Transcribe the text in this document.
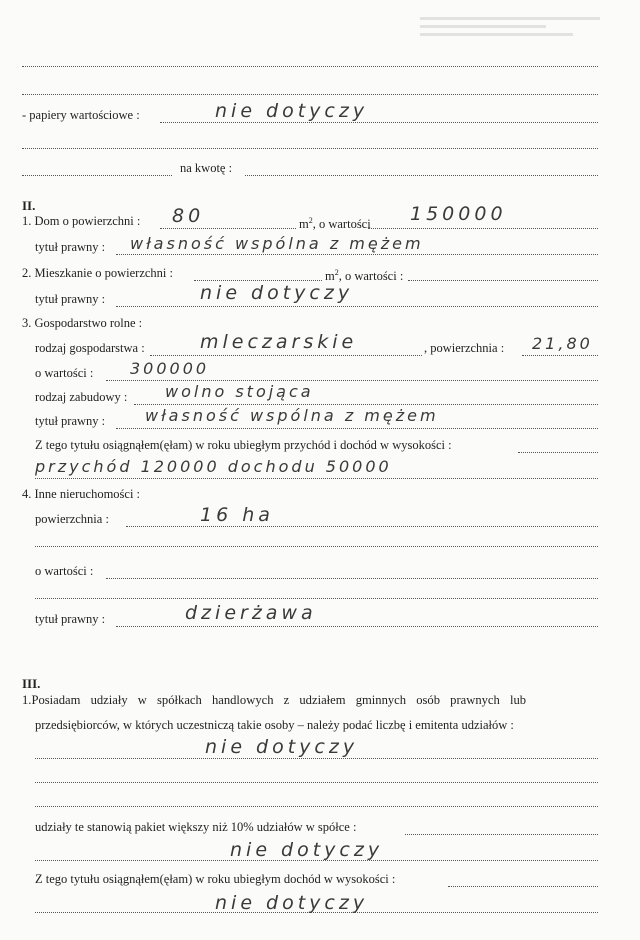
- papiery wartościowe :	nie dotyczy
na kwotę :
II.
1. Dom o powierzchni : 80	$m^2$, o wartości 150000
tytuł prawny : własność wspólna z mężem
2. Mieszkanie o powierzchni :	$m^2$, o wartości :
tytuł prawny :	nie dotyczy
3. Gospodarstwo rolne :
rodzaj gospodarstwa :	mleczarskie	, powierzchnia : 21,80
o wartości : 300000
rodzaj zabudowy : wolno stojąca
tytuł prawny : własność wspólna z mężem
Z tego tytułu osiągnąłem(ęłam) w roku ubiegłym przychód i dochód w wysokości :
przychód 120000 dochodu 50000
4. Inne nieruchomości :
powierzchnia :	16 ha
o wartości :
tytuł prawny :	dzierżawa
III.
1.Posiadam udziały w spółkach handlowych z udziałem gminnych osób prawnych lub
przedsiębiorców, w których uczestniczą takie osoby – należy podać liczbę i emitenta udziałów :
nie dotyczy
udziały te stanowią pakiet większy niż 10% udziałów w spółce :
nie dotyczy
Z tego tytułu osiągnąłem(ęłam) w roku ubiegłym dochód w wysokości :
nie dotyczy
